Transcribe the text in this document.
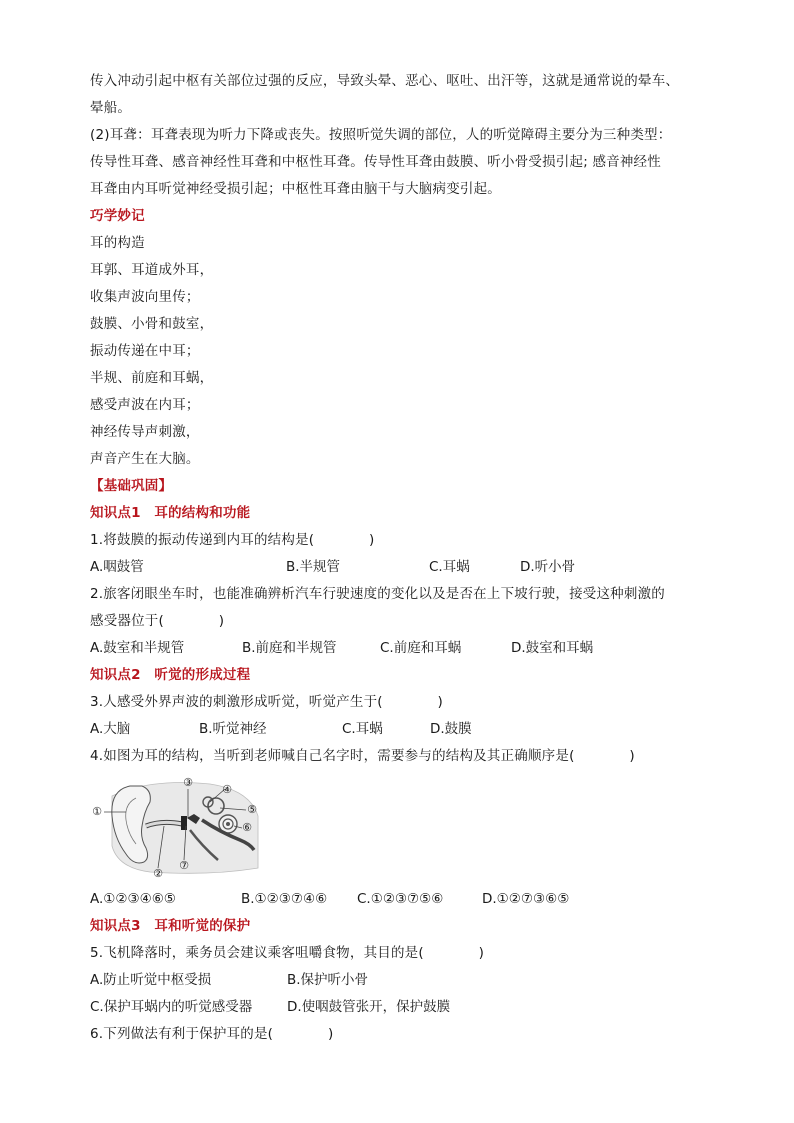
传入冲动引起中枢有关部位过强的反应，导致头晕、恶心、呕吐、出汗等，这就是通常说的晕车、
晕船。
(2)耳聋：耳聋表现为听力下降或丧失。按照听觉失调的部位，人的听觉障碍主要分为三种类型：
传导性耳聋、感音神经性耳聋和中枢性耳聋。传导性耳聋由鼓膜、听小骨受损引起; 感音神经性
耳聋由内耳听觉神经受损引起；中枢性耳聋由脑干与大脑病变引起。
巧学妙记
耳的构造
耳郭、耳道成外耳，
收集声波向里传；
鼓膜、小骨和鼓室，
振动传递在中耳；
半规、前庭和耳蜗，
感受声波在内耳；
神经传导声刺激，
声音产生在大脑。
【基础巩固】
知识点1　耳的结构和功能
1.将鼓膜的振动传递到内耳的结构是(　　　　)
A.咽鼓管	B.半规管	C.耳蜗	D.听小骨
2.旅客闭眼坐车时，也能准确辨析汽车行驶速度的变化以及是否在上下坡行驶，接受这种刺激的
感受器位于(　　　　)
A.鼓室和半规管	B.前庭和半规管	C.前庭和耳蜗	D.鼓室和耳蜗
知识点2　听觉的形成过程
3.人感受外界声波的刺激形成听觉，听觉产生于(　　　　)
A.大脑	B.听觉神经	C.耳蜗	D.鼓膜
4.如图为耳的结构，当听到老师喊自己名字时，需要参与的结构及其正确顺序是(　　　　)
①
②
③
④
⑤
⑥
⑦
A.①②③④⑥⑤	B.①②③⑦④⑥	C.①②③⑦⑤⑥	D.①②⑦③⑥⑤
知识点3　耳和听觉的保护
5.飞机降落时，乘务员会建议乘客咀嚼食物，其目的是(　　　　)
A.防止听觉中枢受损	B.保护听小骨
C.保护耳蜗内的听觉感受器	D.使咽鼓管张开，保护鼓膜
6.下列做法有利于保护耳的是(　　　　)
